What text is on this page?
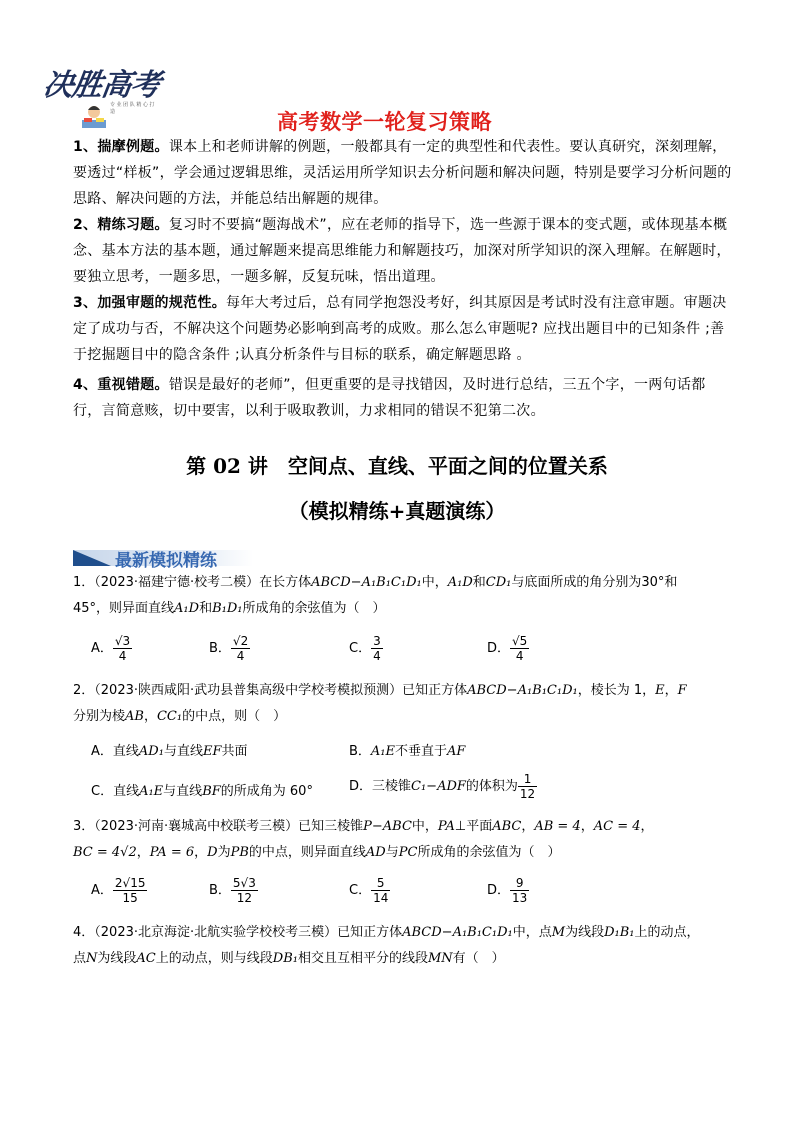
决胜高考
专 业 团 队 精 心 打 造	高考数学一轮复习策略
1、揣摩例题。课本上和老师讲解的例题，一般都具有一定的典型性和代表性。要认真研究，深刻理解，要透过“样板”，学会通过逻辑思维，灵活运用所学知识去分析问题和解决问题，特别是要学习分析问题的思路、解决问题的方法，并能总结出解题的规律。
2、精练习题。复习时不要搞“题海战术”，应在老师的指导下，选一些源于课本的变式题，或体现基本概念、基本方法的基本题，通过解题来提高思维能力和解题技巧，加深对所学知识的深入理解。在解题时，要独立思考，一题多思，一题多解，反复玩味，悟出道理。
3、加强审题的规范性。每年大考过后，总有同学抱怨没考好，纠其原因是考试时没有注意审题。审题决定了成功与否，不解决这个问题势必影响到高考的成败。那么怎么审题呢? 应找出题目中的已知条件 ;善于挖掘题目中的隐含条件 ;认真分析条件与目标的联系，确定解题思路 。
4、重视错题。错误是最好的老师”，但更重要的是寻找错因，及时进行总结，三五个字，一两句话都行，言简意赅，切中要害，以利于吸取教训，力求相同的错误不犯第二次。
第 02 讲　空间点、直线、平面之间的位置关系
（模拟精练+真题演练）
最新模拟精练
1．（2023·福建宁德·校考二模）在长方体ABCD−A₁B₁C₁D₁中，A₁D和CD₁与底面所成的角分别为30°和
45°，则异面直线A₁D和B₁D₁所成角的余弦值为（　）
A． $\frac{√3}{4}$	B． $\frac{√2}{4}$	C． $\frac{3}{4}$	D． $\frac{√5}{4}$
2．（2023·陕西咸阳·武功县普集高级中学校考模拟预测）已知正方体ABCD−A₁B₁C₁D₁，棱长为 1，E，F
分别为棱AB，CC₁的中点，则（　）
A．直线AD₁与直线EF共面	B．A₁E不垂直于AF
C．直线A₁E与直线BF的所成角为 60°	D．三棱锥C₁−ADF的体积为 $\frac{1}{12}$
3．（2023·河南·襄城高中校联考三模）已知三棱锥P−ABC中，PA⊥平面ABC，AB = 4，AC = 4，
BC = 4√2，PA = 6，D为PB的中点，则异面直线AD与PC所成角的余弦值为（　）
A． $\frac{2√15}{15}$	B． $\frac{5√3}{12}$	C． $\frac{5}{14}$	D． $\frac{9}{13}$
4．（2023·北京海淀·北航实验学校校考三模）已知正方体ABCD−A₁B₁C₁D₁中，点M为线段D₁B₁上的动点，
点N为线段AC上的动点，则与线段DB₁相交且互相平分的线段MN有（　）
